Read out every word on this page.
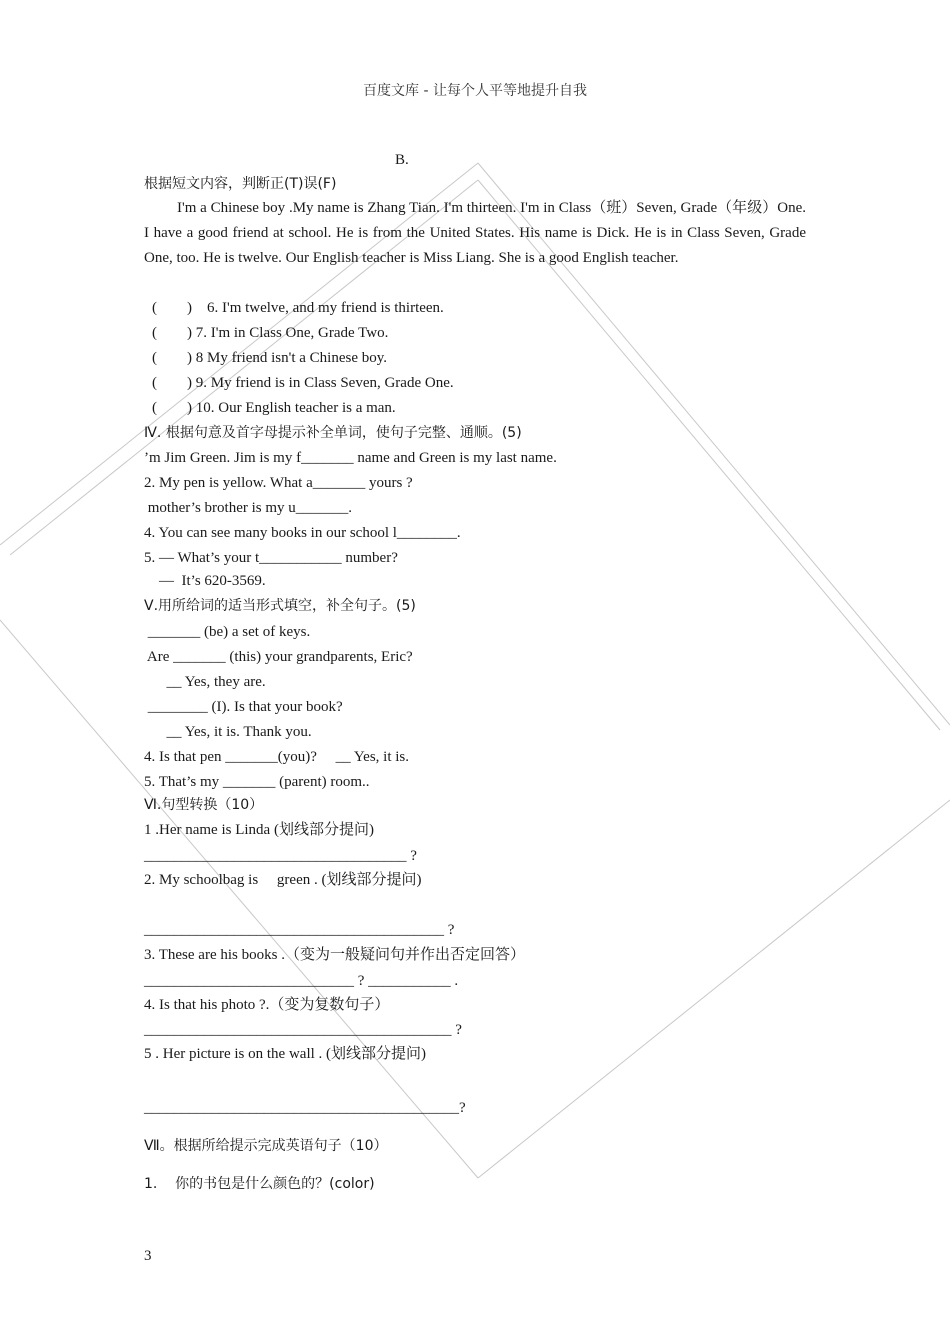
百度文库 - 让每个人平等地提升自我
B.
根据短文内容，判断正(T)误(F)
I'm a Chinese boy .My name is Zhang Tian. I'm thirteen. I'm in Class（班）Seven, Grade（年级）One. I have a good friend at school. He is from the United States. His name is Dick. He is in Class Seven, Grade One, too. He is twelve. Our English teacher is Miss Liang. She is a good English teacher.
(        )    6. I'm twelve, and my friend is thirteen.
(        ) 7. I'm in Class One, Grade Two.
(        ) 8 My friend isn't a Chinese boy.
(        ) 9. My friend is in Class Seven, Grade One.
(        ) 10. Our English teacher is a man.
Ⅳ. 根据句意及首字母提示补全单词，使句子完整、通顺。(5)
’m Jim Green. Jim is my f_______ name and Green is my last name.
2. My pen is yellow. What a_______ yours ?
mother’s brother is my u_______.
4. You can see many books in our school l________.
5. — What’s your t___________ number?
—  It’s 620-3569.
Ⅴ.用所给词的适当形式填空，补全句子。(5)
_______ (be) a set of keys.
Are _______ (this) your grandparents, Eric?
__ Yes, they are.
________ (I). Is that your book?
__ Yes, it is. Thank you.
4. Is that pen _______(you)?     __ Yes, it is.
5. That’s my _______ (parent) room..
Ⅵ.句型转换（10）
1 .Her name is Linda (划线部分提问)
___________________________________ ?
2. My schoolbag is     green . (划线部分提问)
________________________________________ ?
3. These are his books .（变为一般疑问句并作出否定回答）
____________________________ ? ___________ .
4. Is that his photo ?.（变为复数句子）
_________________________________________ ?
5 . Her picture is on the wall . (划线部分提问)
__________________________________________?
Ⅶ。根据所给提示完成英语句子（10）
1.    你的书包是什么颜色的？(color)
3
